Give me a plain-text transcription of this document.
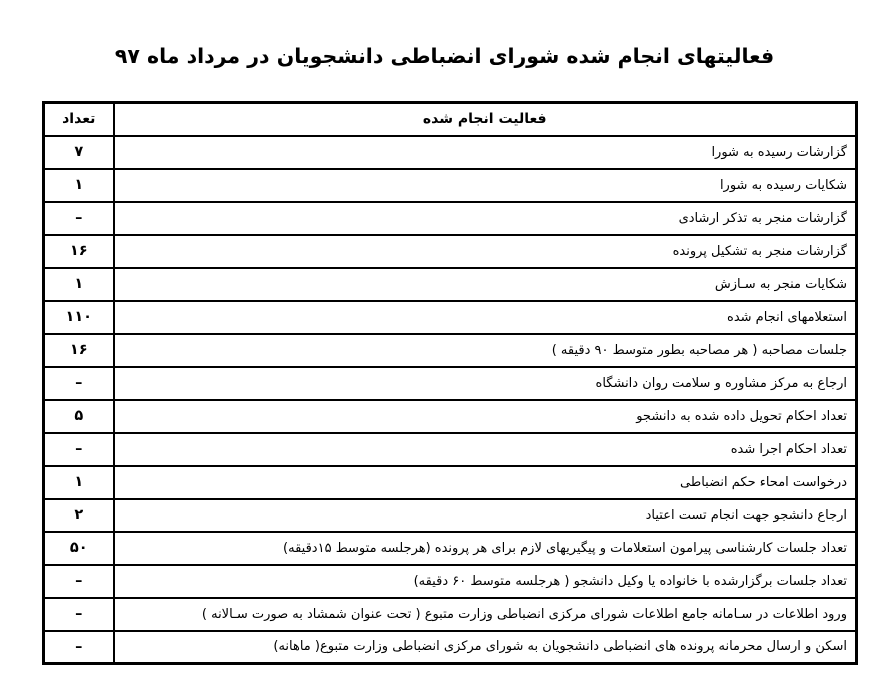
فعالیتهای انجام شده شورای انضباطی دانشجویان در مرداد ماه ۹۷
فعالیت انجام شده	تعداد
گزارشات رسیده به شورا	۷
شکایات رسیده به شورا	۱
گزارشات منجر به تذکر ارشادی	–
گزارشات منجر به تشکیل پرونده	۱۶
شکایات منجر به سـازش	۱
استعلامهای انجام شده	۱۱۰
جلسات مصاحبه ( هر مصاحبه بطور متوسط ۹۰ دقیقه )	۱۶
ارجاع به مرکز مشاوره و سلامت روان دانشگاه	–
تعداد احکام تحویل داده شده به دانشجو	۵
تعداد احکام اجرا شده	–
درخواست امحاء حکم انضباطی	۱
ارجاع دانشجو جهت انجام تست اعتیاد	۲
تعداد جلسات کارشناسی پیرامون استعلامات و پیگیریهای لازم برای هر پرونده (هرجلسه متوسط ۱۵دقیقه)	۵۰
تعداد جلسات برگزارشده با خانواده یا وکیل دانشجو ( هرجلسه متوسط ۶۰ دقیقه)	–
ورود اطلاعات در سـامانه جامع اطلاعات شورای مرکزی انضباطی وزارت متبوع ( تحت عنوان شمشاد به صورت سـالانه )	–
اسکن و ارسال محرمانه پرونده های انضباطی دانشجویان به شورای مرکزی انضباطی وزارت متبوع( ماهانه)	–
